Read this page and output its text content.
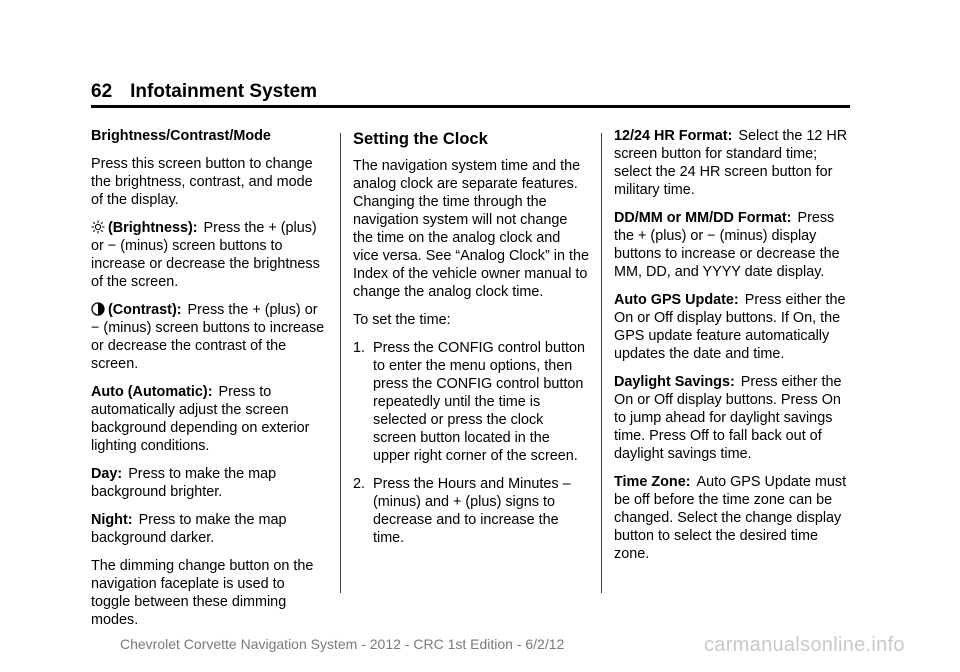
62 Infotainment System

Brightness/Contrast/Mode

Press this screen button to change the brightness, contrast, and mode of the display.

(Brightness): Press the + (plus) or − (minus) screen buttons to increase or decrease the brightness of the screen.

(Contrast): Press the + (plus) or − (minus) screen buttons to increase or decrease the contrast of the screen.

Auto (Automatic): Press to automatically adjust the screen background depending on exterior lighting conditions.

Day: Press to make the map background brighter.

Night: Press to make the map background darker.

The dimming change button on the navigation faceplate is used to toggle between these dimming modes.

Setting the Clock

The navigation system time and the analog clock are separate features. Changing the time through the navigation system will not change the time on the analog clock and vice versa. See “Analog Clock” in the Index of the vehicle owner manual to change the analog clock time.

To set the time:

1. Press the CONFIG control button to enter the menu options, then press the CONFIG control button repeatedly until the time is selected or press the clock screen button located in the upper right corner of the screen.
2. Press the Hours and Minutes – (minus) and + (plus) signs to decrease and to increase the time.

12/24 HR Format: Select the 12 HR screen button for standard time; select the 24 HR screen button for military time.

DD/MM or MM/DD Format: Press the + (plus) or − (minus) display buttons to increase or decrease the MM, DD, and YYYY date display.

Auto GPS Update: Press either the On or Off display buttons. If On, the GPS update feature automatically updates the date and time.

Daylight Savings: Press either the On or Off display buttons. Press On to jump ahead for daylight savings time. Press Off to fall back out of daylight savings time.

Time Zone: Auto GPS Update must be off before the time zone can be changed. Select the change display button to select the desired time zone.

Chevrolet Corvette Navigation System - 2012 - CRC 1st Edition - 6/2/12	carmanualsonline.info
